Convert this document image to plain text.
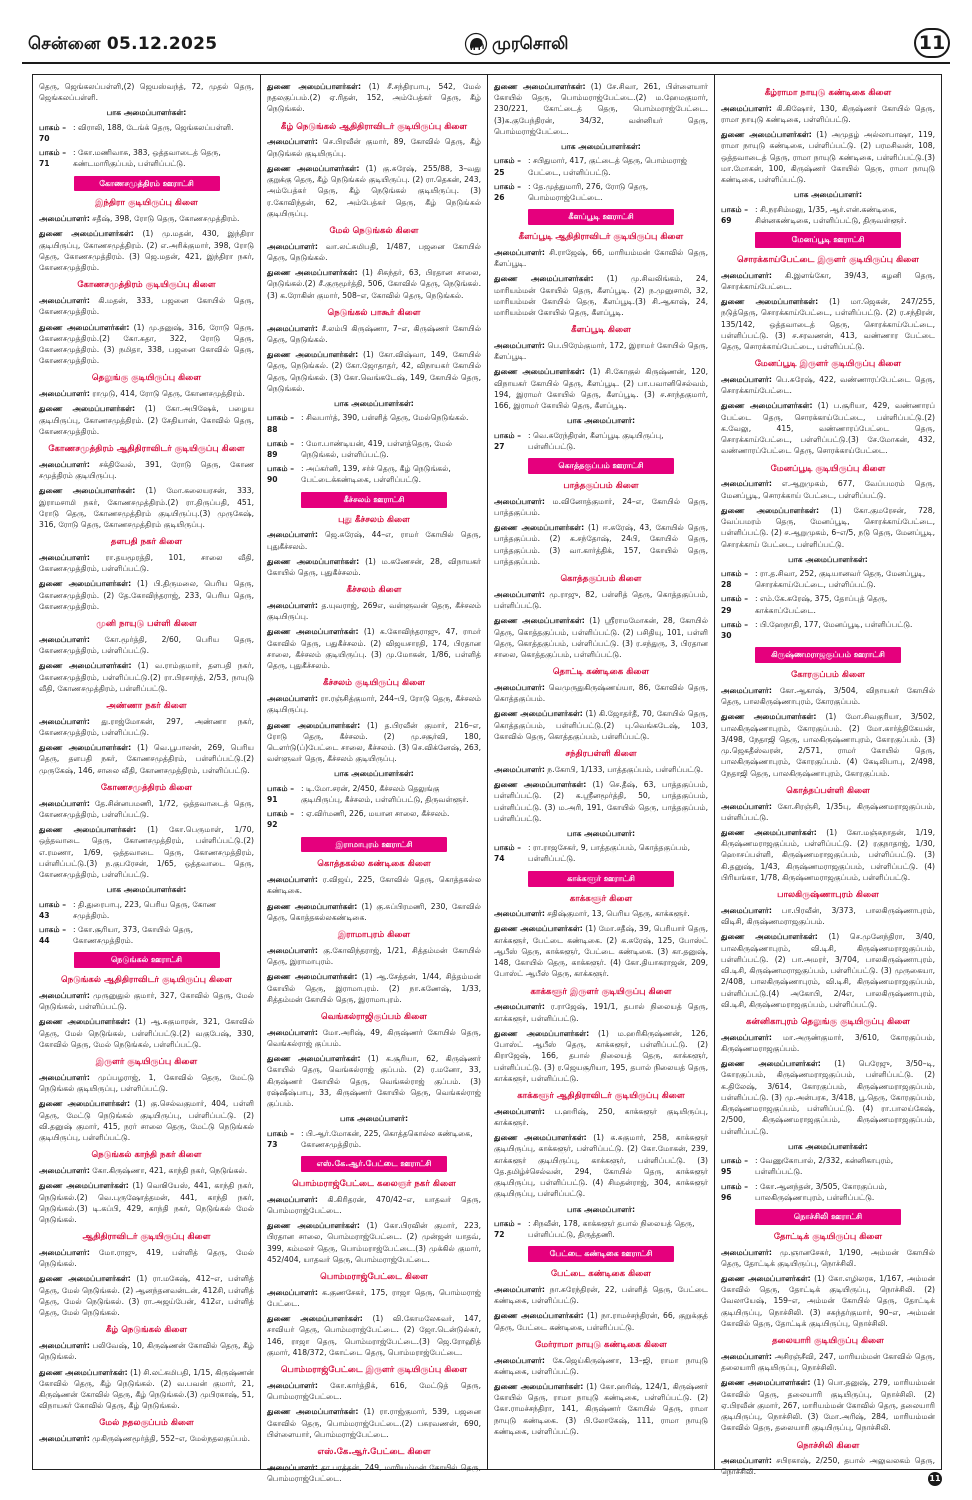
சென்னை 05.12.2025	முரசொலி	11
தெரு, ஜெங்கலப்பள்ளி,(2) ஜெயஸ்வந்த், 72, முதல் தெரு, ஜெங்கலப்பள்ளி.
பாக அமைப்பாளர்கள்:
பாகம் – 70
: விராலி, 188, டேங்க் தெரு, ஜெங்கலப்பள்ளி.
பாகம் – 71
: கோ.மணிவாசு, 383, ஒத்தவாடைத் தெரு, கண்டமாரிகுப்பம், பள்ளிப்பட்டு.
கோணசமுத்திரம் ஊராட்சி
இந்திரா குடியிருப்பு கிளை
அமைப்பாளர்: சதீஷ், 398, ரோடு தெரு, கோணசமுத்திரம்.
துணை அமைப்பாளர்கள்: (1) மு.மதன், 430, இந்திரா குடியிருப்பு, கோணசமுத்திரம். (2) எ.அரிக்குமார், 398, ரோடு தெரு, கோணசமுத்திரம். (3) ஜெ.மதன், 421, இந்திரா நகர், கோணசமுத்திரம்.
கோணசமுத்திரம் குடியிருப்பு கிளை
அமைப்பாளர்: கி.மதன், 333, பஜனை கோயில் தெரு, கோணசமுத்திரம்.
துணை அமைப்பாளர்கள்: (1) மு.தனுஷ், 316, ரோடு தெரு, கோணசமுத்திரம்.(2) கோ.சுதா, 322, ரோடு தெரு, கோணசமுத்திரம். (3) நமிதா, 338, பஜனை கோவில் தெரு, கோணசமுத்திரம்.
தெலுங்கு குடியிருப்பு கிளை
அமைப்பாளர்: ராமுடு, 414, ரோடு தெரு, கோணசமுத்திரம்.
துணை அமைப்பாளர்கள்: (1) கோ.அபிஷேக், பழைய குடியிருப்பு, கோணசமுத்திரம். (2) சேதியான், கோவில் தெரு, கோணசமுத்திரம்.
கோணசமுத்திரம் ஆதிதிராவிடர் குடியிருப்பு கிளை
அமைப்பாளர்: சக்திவேல், 391, ரோடு தெரு, கோண சமுத்திரம் குடியிருப்பு.
துணை அமைப்பாளர்கள்: (1) மோ.கலையரசன், 333, இராமசாமி நகர், கோணசமுத்திரம்.(2) ரா.திருப்பதி, 451, ரோடு தெரு, கோணசமுத்திரம் குடியிருப்பு.(3) முருகேஷ், 316, ரோடு தெரு, கோணசமுத்திரம் குடியிருப்பு.
தளபதி நகர் கிளை
அமைப்பாளர்: ரா.தயமூரத்தி, 101, சாலை வீதி, கோணசமுத்திரம், பள்ளிப்பட்டு.
துணை அமைப்பாளர்கள்: (1) பி.திருமலை, பெரிய தெரு, கோணசமுத்திரம். (2) தே.கோவிந்தராஜ், 233, பெரிய தெரு, கோணசமுத்திரம்.
முனி நாயுடு பள்ளி கிளை
அமைப்பாளர்: கோ.மூர்த்தி, 2/60, பெரிய தெரு, கோணசமுத்திரம், பள்ளிப்பட்டு.
துணை அமைப்பாளர்கள்: (1) வ.ராம்குமார், தளபதி நகர், கோணசமுத்திரம், பள்ளிப்பட்டு.(2) ரா.பிரசாந்த், 2/53, நாயுடு வீதி, கோணசமுத்திரம், பள்ளிப்பட்டு.
அண்ணா நகர் கிளை
அமைப்பாளர்: து.ராஜ்மோகன், 297, அண்ணா நகர், கோணசமுத்திரம், பள்ளிப்பட்டு.
துணை அமைப்பாளர்கள்: (1) வெ.பூபாலன், 269, பெரிய தெரு, தளபதி நகர், கோணசமுத்திரம், பள்ளிப்பட்டு.(2) முருகேஷ், 146, சாலை வீதி, கோணசமுத்திரம், பள்ளிப்பட்டு.
கோணசமுத்திரம் கிளை
அமைப்பாளர்: தே.சின்னபமணி, 1/72, ஒத்தவாடைத் தெரு, கோணசமுத்திரம், பள்ளிப்பட்டு.
துணை அமைப்பாளர்கள்: (1) கோ.பெருமாள், 1/70, ஒத்தவாடை தெரு, கோணசமுத்திரம், பள்ளிப்பட்டு.(2) எ.ரமணா, 1/69, ஒத்தவாடை தெரு, கோணசமுத்திரம், பள்ளிப்பட்டு.(3) ந.குபரேசன், 1/65, ஒத்தவாடை தெரு, கோணசமுத்திரம், பள்ளிப்பட்டு.
பாக அமைப்பாளர்கள்:
பாகம் – 43
: தி.துரைபாபு, 223, பெரிய தெரு, கோண சமுத்திரம்.
பாகம் – 44
: கோ.சூரியா, 373, கோயில் தெரு, கோணசமுத்திரம்.
நெடுங்கல் ஊராட்சி
நெடுங்கல் ஆதிதிராவிடர் குடியிருப்பு கிளை
அமைப்பாளர்: முருனுதுல் குமார், 327, கோவில் தெரு, மேல் நெடுங்கல், பள்ளிப்பட்டு.
துணை அமைப்பாளர்கள்: (1) ஆ.சுகுமாரன், 321, கோவில் தெரு, மேல் நெடுங்கல், பள்ளிப்பட்டு.(2) வகுபேஷ், 330, கோவில் தெரு, மேல் நெடுங்கல், பள்ளிப்பட்டு.
இருளர் குடியிருப்பு கிளை
அமைப்பாளர்: முப்பழராஜ், 1, கோவில் தெரு, மேட்டு நெடுங்கல் குடியிருப்பு, பள்ளிப்பட்டு.
துணை அமைப்பாளர்கள்: (1) கு.செல்வகுமார், 404, பள்ளி தெரு, மேட்டு நெடுங்கல் குடியிருப்பு, பள்ளிப்பட்டு. (2) வி.தனுஷ் குமார், 415, நரர் சாலை தெரு, மேட்டு நெடுங்கல் குடியிருப்பு, பள்ளிப்பட்டு.
நெடுங்கல் காந்தி நகர் கிளை
அமைப்பாளர்: கோ.கிருஷ்ணா, 421, காந்தி நகர், நெடுங்கல்.
துணை அமைப்பாளர்கள்: (1) வெஙியேஸ், 441, காந்தி நகர், நெடுங்கல்.(2) வெ.புருஷோத்தமன், 441, காந்தி நகர், நெடுங்கல்.(3) டி.கப்பி, 429, காந்தி நகர், நெடுங்கல் மேல் நெடுங்கல்.
ஆதிதிராவிடர் குடியிருப்பு கிளை
அமைப்பாளர்: மோ.ராஜு, 419, பள்ளித் தெரு, மேல் நெடுங்கல்.
துணை அமைப்பாளர்கள்: (1) ரா.மகேஷ், 412–எ, பள்ளித் தெரு, மேல் நெடுங்கல். (2) ஆனந்தனவன்டன், 412சி, பள்ளித் தெரு, மேல் நெடுங்கல். (3) ரா.அஜய்பேன், 412எ, பள்ளித் தெரு, மேல் நெடுங்கல்.
கீழ் நெடுங்கல் கிளை
அமைப்பாளர்: பலிவேஷ், 10, கிருஷ்ணன் கோவில் தெரு, கீழ் நெடுங்கல்.
துணை அமைப்பாளர்கள்: (1) சி.லட்சுமிபதி, 1/15, கிருஷ்ணன் கோவில் தெரு, கீழ் நெடுங்கல். (2) வ.பவன் குமார், 21, கிருஷ்ணன் கோவில் தெரு, கீழ் நெடுங்கல்.(3) முபிரகாஷ், 51, விநாயகர் கோவில் தெரு, கீழ் நெடுங்கல்.
மேல் நதலகுப்பம் கிளை
அமைப்பாளர்: முகிருஷ்ணமூர்த்தி, 552–எ, மேல்நதலகுப்பம்.
துணை அமைப்பாளர்கள்: (1) சீ.சந்திரபாபு, 542, மேல் நதலகுப்பம்.(2) ஏ.ரிதன், 152, அம்பேத்கர் தெரு, கீழ் நெடுங்கல்.
கீழ் நெடுங்கல் ஆதிதிராவிடர் குடியிருப்பு கிளை
அமைப்பாளர்: செ.பிரவீன் குமார், 89, கோவில் தெரு, கீழ் நெடுங்கல் குடியிருப்பு.
துணை அமைப்பாளர்கள்: (1) கு.சுரேஷ், 255/88, 3–வது குறுக்கு தெரு, கீழ் நெடுங்கல் குடியிருப்பு. (2) ரா.தெகன், 243, அம்பேத்கர் தெரு, கீழ் நெடுங்கல் குடியிருப்பு. (3) ர.கோவிந்தன், 62, அம்பேத்கர் தெரு, கீழ் நெடுங்கல் குடியிருப்பு.
மேல் நெடுங்கல் கிளை
அமைப்பாளர்: வா.லட்சுமிபதி, 1/487, பஜனை கோயில் தெரு, நெடுங்கல்.
துணை அமைப்பாளர்கள்: (1) சிசுந்தர், 63, பிரதான சாலை, நெடுங்கல்.(2) சீ.குருமூர்த்தி, 506, கோவில் தெரு, நெடுங்கல். (3) க.ரோகின் குமார், 508–எ, கோவில் தெரு, நெடுங்கல்.
நெடுங்கல் பாகூர் கிளை
அமைப்பாளர்: சீ.லம்பி கிருஷ்ணா, 7–எ, கிருஷ்ணர் கோயில் தெரு, நெடுங்கல்.
துணை அமைப்பாளர்கள்: (1) கோ.விஷ்வா, 149, கோயில் தெரு, நெடுங்கல். (2) கோ.ஜோதாதர், 42, விநாயகர் கோயில் தெரு, நெடுங்கல். (3) கோ.வெங்கடேஷ், 149, கோயில் தெரு, நெடுங்கல்.
பாக அமைப்பாளர்கள்:
பாகம் – 88
: சிவபார்த், 390, பள்ளித் தெரு, மேல்நெடுங்கல்.
பாகம் – 89
: மோ.பாண்டியன், 419, பள்ளத்தெரு, மேல் நெடுங்கல், பள்ளிப்பட்டு.
பாகம் – 90
: அப்கர்னி, 139, சர்ச் தெரு, கீழ் நெடுங்கல், பேட்டைக்கண்டிகை, பள்ளிப்பட்டு.
கீச்சலம் ஊராட்சி
புது கீச்சலம் கிளை
அமைப்பாளர்: ஜெ.சுரேஷ், 44–எ, ராமர் கோயில் தெரு, புதுகீச்சலம்.
துணை அமைப்பாளர்கள்: (1) ம.கணேசன், 28, விநாயகர் கோயில் தெரு, புதுகீச்சலம்.
கீச்சலம் கிளை
அமைப்பாளர்: த.யுவராஜ், 269எ, வள்ளுவன் தெரு, கீச்சலம் குடியிருப்பு.
துணை அமைப்பாளர்கள்: (1) க.கோவிந்தராஜு, 47, ராமர் கோவில் தெரு, பதுகீச்சலம். (2) விஜயசாரதி, 174, பிரதான சாலை, கீச்சலம் குடியிருப்பு. (3) மு.மோகன், 1/86, பள்ளித் தெரு, புதுகீச்சலம்.
கீச்சலம் குடியிருப்பு கிளை
அமைப்பாளர்: ரா.ரஞ்சித்குமார், 244–பி, ரோடு தெரு, கீச்சலம் குடியிருப்பு.
துணை அமைப்பாளர்கள்: (1) த.பிரவீன் குமார், 216–எ, ரோடு தெரு, கீச்சலம். (2) மு.சசூர்வி, 180, டௌர்டு(ப்)பேட்டை சாலை, கீச்சலம். (3) செ.விக்னேஷ், 263, வள்ளுவர் தெரு, கீச்சலம் குடியிருப்பு.
பாக அமைப்பாளர்கள்:
பாகம் – 91
: டி.மோ.சரன், 2/450, கீச்சலம் தெலுங்கு குடியிருப்பு, கீச்சலம், பள்ளிப்பட்டு, திருவள்ளூர்.
பாகம் – 92
: ஏ.விர்மணி, 226, மயான சாலை, கீச்சலம்.
இராமாபுரம் ஊராட்சி
கொத்தகல்ல கண்டிகை கிளை
அமைப்பாளர்: ர.விஜய், 225, கோவில் தெரு, கொத்தகல்ல கண்டிகை.
துணை அமைப்பாளர்கள்: (1) கு.சுப்பிரமணி, 230, கோவில் தெரு, கொத்தகல்லகண்டிகை.
இராமாபுரம் கிளை
அமைப்பாளர்: கு.கோவிந்தராஜ், 1/21, சித்தம்மன் கோயில் தெரு, இராமாபுரம்.
துணை அமைப்பாளர்கள்: (1) ஆ.சேத்தன், 1/44, சித்தம்மன் கோயில் தெரு, இராமாபுரம். (2) நா.கணேஷ், 1/33, சித்தம்மன் கோயில் தெரு, இராமாபுரம்.
வெங்கல்ராஜிகுப்பம் கிளை
அமைப்பாளர்: மோ.அரிஷ், 49, கிருஷ்ணர் கோயில் தெரு, வெங்கல்ராஜ் குப்பம்.
துணை அமைப்பாளர்கள்: (1) க.சூரியா, 62, கிருஷ்ணர் கோயில் தெரு, வெங்கல்ராஜ் குப்பம். (2) ர.மனோ, 33, கிருஷ்ணர் கோயில் தெரு, வெங்கல்ராஜ் குப்பம். (3) ரஷ்ஷீஷ்பாபு, 33, கிருஷ்ணர் கோயில் தெரு, வெங்கல்ராஜ் குப்பம்.
பாக அமைப்பாளர்:
பாகம் – 73
: பி.ஆர்.மோகன், 225, கொத்தகொல்ல கண்டிகை, கோணசமுத்திரம்.
எஸ்.கே.ஆர்.பேட்டை ஊராட்சி
பொம்மராஜ்பேட்டை கலைஞர் நகர் கிளை
அமைப்பாளர்: கி.கிரிதரன், 470/42–எ, யாதவர் தெரு, பொம்மராஜ்பேட்டை.
துணை அமைப்பாளர்கள்: (1) கோ.பிரவின் குமார், 223, பிரதான சாலை, பொம்மராஜ்பேட்டை. (2) முன்ஜன் யாதவ், 399, கம்மலர் தெரு, பொம்மராஜ்பேட்டை.(3) முக்கில் குமார், 452/404, யாதவர் தெரு, பொம்மராஜ்பேட்டை.
பொம்மராஜ்பேட்டை கிளை
அமைப்பாளர்: க.குணசேகர், 175, ராஜா தெரு, பொம்மராஜ் பேட்டை.
துணை அமைப்பாளர்கள்: (1) வி.கோமலேசுவர், 147, சாவியர் தெரு, பொம்மராஜ்பேட்டை. (2) ஜோ.டென்டுல்கர், 146, ராஜா தெரு, பொம்மராஜ்பேட்டை.(3) ஜெ.ரோஹித் குமார், 418/372, கோட்டை தெரு, பொம்மராஜ்பேட்டை.
பொம்மராஜ்பேட்டை இருளர் குடியிருப்பு கிளை
அமைப்பாளர்: கோ.கார்த்திக், 616, மேட்டுத் தெரு, பொம்மராஜ்பேட்டை.
துணை அமைப்பாளர்கள்: (1) ரா.ராஜ்குமார், 539, பஜனை கோவில் தெரு, பொம்மராஜ்பேட்டை.(2) பசுரவணன், 690, பிள்ளையார், பொம்மராஜ்பேட்டை.
எஸ்.கே.ஆர்.பேட்டை கிளை
அமைப்பாளர்: தா.பரத்தன், 249, மாரியம்மன் கோயில் தெரு, பொம்மராஜ்பேட்டை.
துணை அமைப்பாளர்கள்: (1) சே.சிவா, 261, பிள்ளையார் கோயில் தெரு, பொம்மராஜ்பேட்டை.(2) ம.ஹேமகுமார், 230/221, கோட்டைத் தெரு, பொம்மராஜ்பேட்டை. (3)க.குபேந்திரன், 34/32, வன்னியர் தெரு, பொம்மராஜ்பேட்டை.
பாக அமைப்பாளர்கள்:
பாகம் – 25
: சபிதுமார், 417, குட்டைத் தெரு, பொம்மராஜ் பேட்டை, பள்ளிப்பட்டு.
பாகம் – 26
: தே.முத்துமாரி, 276, ரோடு தெரு, பொம்மராஜ்பேட்டை.
கீளப்பூடி ஊராட்சி
கீளப்பூடி ஆதிதிராவிடர் குடியிருப்பு கிளை
அமைப்பாளர்: சி.ராஜேஷ், 66, மாரியம்மன் கோவில் தெரு, கீளப்பூடி.
துணை அமைப்பாளர்கள்: (1) மு.சிவலிங்கம், 24, மாரியம்மன் கோயில் தெரு, கீளப்பூடி. (2) ந.முனுசாமி, 32, மாரியம்மன் கோயில் தெரு, கீளப்பூடி.(3) சி.ஆகாஷ், 24, மாரியம்மன் கோயில் தெரு, கீளப்பூடி.
கீளப்பூடி கிளை
அமைப்பாளர்: பெ.பிரேம்குமார், 172, இராமர் கோயில் தெரு, கீளப்பூடி.
துணை அமைப்பாளர்கள்: (1) சி.கோகுல் கிருஷ்ணன், 120, விநாயகர் கோயில் தெரு, கீளப்பூடி. (2) பா.பவானிசெல்வம், 194, இராமர் கோயில் தெரு, கீளப்பூடி. (3) ச.சாந்தகுமார், 166, இராமர் கோயில் தெரு, கீளப்பூடி.
பாக அமைப்பாளர்:
பாகம் – 27
: வெ.சுரேந்திரன், கீளப்பூடி குடியிருப்பு, பள்ளிப்பட்டு.
கொத்தகுப்பம் ஊராட்சி
பாத்தகுப்பம் கிளை
அமைப்பாளர்: ம.வினோத்குமார், 24–எ, கோயில் தெரு, பாத்தகுப்பம்.
துணை அமைப்பாளர்கள்: (1) ஈ.சுரேஷ், 43, கோயில் தெரு, பாத்தகுப்பம். (2) க.சந்தோஷ், 24பி, கோயில் தெரு, பாத்தகுப்பம். (3) வா.கார்த்திக், 157, கோயில் தெரு, பாத்தகுப்பம்.
கொத்தகுப்பம் கிளை
அமைப்பாளர்: மு.ராஜு, 82, பள்ளித் தெரு, கொத்தகுப்பம், பள்ளிப்பட்டு.
துணை அமைப்பாளர்கள்: (1) ஸ்ரீராமமோகன், 28, கோயில் தெரு, கொத்தகுப்பம், பள்ளிப்பட்டு. (2) பசிதியு, 101, பள்ளி தெரு, கொத்தகுப்பம், பள்ளிப்பட்டு. (3) ர.சந்துரு, 3, பிரதான சாலை, கொத்தகுப்பம், பள்ளிப்பட்டு.
தொட்டி கண்டிகை கிளை
அமைப்பாளர்: வெமுருதுகிருஷ்ணய்யா, 86, கோவில் தெரு, கொத்தகுப்பம்.
துணை அமைப்பாளர்கள்: (1) கி.ஜோதர்தீ, 70, கோயில் தெரு, கொத்தகுப்பம், பள்ளிப்பட்டு.(2) பு.வெங்கடேஷ், 103, கோவில் தெரு, கொத்தகுப்பம், பள்ளிப்பட்டு.
சந்திரபள்ளி கிளை
அமைப்பாளர்: ந.கோபி, 1/133, பாத்தகுப்பம், பள்ளிப்பட்டு.
துணை அமைப்பாளர்கள்: (1) செ.தீஷ், 63, பாத்தகுப்பம், பள்ளிப்பட்டு. (2) க.ஸ்ரீனமூர்த்தி, 50, பாத்தகுப்பம், பள்ளிப்பட்டு. (3) ம.அரி, 191, கோயில் தெரு, பாத்தகுப்பம், பள்ளிப்பட்டு.
பாக அமைப்பாளர்:
பாகம் – 74
: ரா.ராஜசேகர், 9, பாத்தகுப்பம், கொத்தகுப்பம், பள்ளிப்பட்டு.
காக்களூர் ஊராட்சி
காக்களூர் கிளை
அமைப்பாளர்: சதிஷ்குமார், 13, பெரிய தெரு, காக்களூர்.
துணை அமைப்பாளர்கள்: (1) மோ.சதீஷ், 39, பெரியார் தெரு, காக்களூர், பேட்டை கண்டிகை. (2) க.சுரேஷ், 125, போஸ்ட் ஆபீஸ் தெரு, காக்களூர், பேட்டை கண்டிகை. (3) கா.தனுஷ், 148, கோயில் தெரு, காக்களூர். (4) கோ.தியாகராஜன், 209, போஸ்ட் ஆபீஸ் தெரு, காக்களூர்.
காக்களூர் இருளர் குடியிருப்பு கிளை
அமைப்பாளர்: ர.ராஜேஷ், 191/1, தபால் நிலையத் தெரு, காக்களூர், பள்ளிப்பட்டு.
துணை அமைப்பாளர்கள்: (1) ம.ஹரிகிருஷ்ணன், 126, போஸ்ட் ஆபீஸ் தெரு, காக்களூர், பள்ளிப்பட்டு. (2) கிராஜேஷ், 166, தபால் நிலையத் தெரு, காக்களூர், பள்ளிப்பட்டு. (3) ர.ஜெயசூரியா, 195, தபால் நிலையத் தெரு, காக்களூர், பள்ளிப்பட்டு.
காக்களூர் ஆதிதிராவிடர் குடியிருப்பு கிளை
அமைப்பாளர்: ப.ஹரிஷ், 250, காக்களூர் குடியிருப்பு, காக்களூர்.
துணை அமைப்பாளர்கள்: (1) க.சுகுமார், 258, காக்களூர் குடியிருப்பு, காக்களூர், பள்ளிப்பட்டு. (2) கோ.மோகன், 239, காக்களூர் குடியிருப்பு, காக்களூர், பள்ளிப்பட்டு. (3) தே.தமிழ்ச்செல்வன், 294, கோயில் தெரு, காக்களூர் குடியிருப்பு, பள்ளிப்பட்டு. (4) சிமதன்ராஜ், 304, காக்களூர் குடியிருப்பு, பள்ளிப்பட்டு.
பாக அமைப்பாளர்:
பாகம் – 72
: சிநவீன், 178, காக்களூர் தபால் நிலையத் தெரு, பள்ளிப்பட்டு, திருத்தணி.
பேட்டை கண்டிகை ஊராட்சி
பேட்டை கண்டிகை கிளை
அமைப்பாளர்: நா.சுரேந்திரன், 22, பள்ளித் தெரு, பேட்டை கண்டிகை, பள்ளிப்பட்டு.
துணை அமைப்பாளர்கள்: (1) நா.ராமச்சந்திரன், 66, குறுக்குத் தெரு, பேட்டை கண்டிகை, பள்ளிப்பட்டு.
மேர்ராமா நாயுடு கண்டிகை கிளை
அமைப்பாளர்: கே.ஜெய்கிருஷ்ணா, 13–ஜி, ராமா நாயுடு கண்டிகை, பள்ளிப்பட்டு.
துணை அமைப்பாளர்கள்: (1) கோ.ஹரிஷ், 124/1, கிருஷ்ணர் கோயில் தெரு, ராமா நாயுடு கண்டிகை, பள்ளிப்பட்டு. (2) கோ.ராமச்சந்திரா, 141, கிருஷ்ணர் கோயில் தெரு, ராமா நாயுடு கண்டிகை. (3) பி.லோகேஷ், 111, ராமா நாயுடு கண்டிகை, பள்ளிப்பட்டு.
கீழ்ராமா நாயுடு கண்டிகை கிளை
அமைப்பாளர்: கி.கிஷோர், 130, கிருஷ்ணர் கோயில் தெரு, ராமா நாயுடு கண்டிகை, பள்ளிப்பட்டு.
துணை அமைப்பாளர்கள்: (1) அமுதழ் அல்லாபாஷா, 119, ராமா நாயுடு கண்டிகை, பள்ளிப்பட்டு. (2) பரமசிவன், 108, ஒத்தவாடைத் தெரு, ராமா நாயுடு கண்டிகை, பள்ளிப்பட்டு.(3) மா.மோகன், 100, கிருஷ்ணர் கோயில் தெரு, ராமா நாயுடு கண்டிகை, பள்ளிப்பட்டு.
பாக அமைப்பாளர்:
பாகம் – 69
: சி.நரசிம்மலு, 1/35, ஆர்.என்.கண்டிகை, சின்னகண்டிகை, பள்ளிப்பட்டு, திருவள்ளூர்.
மேனப்பூடி ஊராட்சி
சொரக்காய்பேட்டை இருளர் குடியிருப்பு கிளை
அமைப்பாளர்: கி.இளங்கோ, 39/43, கழனி தெரு, சொரக்காய்பேட்டை.
துணை அமைப்பாளர்கள்: (1) மா.ஜெகன், 247/255, நடுத்தெரு, சொரக்காய்பேட்டை, பள்ளிப்பட்டு. (2) ர.சந்திரன், 135/142, ஒத்தவாடைத் தெரு, சொரக்காய்பேட்டை, பள்ளிப்பட்டு. (3) ச.சரவணன், 413, வண்ணார பேட்டை தெரு, சொரக்காய்பேட்டை, பள்ளிப்பட்டு.
மேனப்பூடி இருளர் குடியிருப்பு கிளை
அமைப்பாளர்: பெ.சுரேஷ், 422, வண்ணாரப்பேட்டை தெரு, சொரக்காய்பேட்டை.
துணை அமைப்பாளர்கள்: (1) ப.சூரியா, 429, வண்ணாரப் பேட்டை தெரு, சொரக்காய்பேட்டை, பள்ளிப்பட்டு.(2) க.வேலு, 415, வண்ணாரப்பேட்டை தெரு, சொரக்காய்பேட்டை, பள்ளிப்பட்டு.(3) சே.மோகன், 432, வண்ணாரப்பேட்டை தெரு, சொரக்காய்பேட்டை.
மேனப்பூடி குடியிருப்பு கிளை
அமைப்பாளர்: எ.ஆறுமுகம், 677, வேப்பமரம் தெரு, மேனப்பூடி, சொரக்காய் பேட்டை, பள்ளிப்பட்டு.
துணை அமைப்பாளர்கள்: (1) கோ.குமரேசன், 728, வேப்பமரம் தெரு, மேனப்பூடி, சொரக்காய்பேட்டை, பள்ளிப்பட்டு. (2) ச.ஆறுமுகம், 6–எ/5, நடு தெரு, மேனப்பூடி, சொரக்காய் பேட்டை, பள்ளிப்பட்டு.
பாக அமைப்பாளர்கள்:
பாகம் – 28
: ரா.த.சிவா, 252, குடியானவர் தெரு, மேனப்பூடி, சொரக்காய்பேட்டை, பள்ளிப்பட்டு.
பாகம் – 29
: எம்.கே.சுரேஷ், 375, தோப்புத் தெரு, காக்காப்பேட்டை.
பாகம் – 30
: பி.ஹேநாதி, 177, மேனப்பூடி, பள்ளிப்பட்டு.
கிருஷ்ணமராஜகுப்பம் ஊராட்சி
கோரகுப்பம் கிளை
அமைப்பாளர்: கோ.ஆகாஷ், 3/504, விநாயகர் கோயில் தெரு, பாலகிருஷ்ணாபுரம், கோரகுப்பம்.
துணை அமைப்பாளர்கள்: (1) மோ.சிவகுரியா, 3/502, பாலகிருஷ்ணாபுரம், கோரகுப்பம். (2) மோ.கார்த்திகேயன், 3/498, நேதாஜி தெரு, பாலகிருஷ்ணாபுரம், கோரகுப்பம். (3) மு.ஜெகதீஸ்வரன், 2/571, ராமர் கோயில் தெரு, பாலகிருஷ்ணாபுரம், கோரகுப்பம். (4) கேடிலிபாபு, 2/498, நேதாஜி தெரு, பாலகிருஷ்ணாபுரம், கோரகுப்பம்.
கொத்தப்பள்ளி கிளை
அமைப்பாளர்: கோ.சிரஞ்சி, 1/35பு, கிருஷ்ணமராஜகுப்பம், பள்ளிப்பட்டு.
துணை அமைப்பாளர்கள்: (1) கோ.மஞ்சுநாதன், 1/19, கிருஷ்ணமராஜகுப்பம், பள்ளிப்பட்டு. (2) ரகுநாதாஜ், 1/30, ஹொசப்பள்ளி, கிருஷ்ணமராஜகுப்பம், பள்ளிப்பட்டு. (3) கி.தனுஷ், 1/43, கிருஷ்ணமராஜகுப்பம், பள்ளிப்பட்டு. (4) பிரியங்கா, 1/78, கிருஷ்ணமராஜகுப்பம், பள்ளிப்பட்டு.
பாலகிருஷ்ணாபுரம் கிளை
அமைப்பாளர்: பா.பிரவீன், 3/373, பாலகிருஷ்ணாபுரம், விடிசி, கிருஷ்ணமராஜகுப்பம்.
துணை அமைப்பாளர்கள்: (1) செ.முனேந்திரா, 3/40, பாலகிருஷ்ணாபுரம், வி.டிசி, கிருஷ்ணமராஜகுப்பம், பள்ளிப்பட்டு. (2) பா.அமரர், 3/704, பாலகிருஷ்ணாபுரம், வி.டிசி, கிருஷ்ணமராஜகுப்பம், பள்ளிப்பட்டு. (3) முருகையா, 2/408, பாலகிருஷ்ணாபுரம், வி.டிசி, கிருஷ்ணமராஜகுப்பம், பள்ளிப்பட்டு.(4) அகோபி, 2/4எ, பாலகிருஷ்ணாபுரம், வி.டிசி, கிருஷ்ணமராஜகுப்பம், பள்ளிப்பட்டு.
கன்னிகாபுரம் தெலுங்கு குடியிருப்பு கிளை
அமைப்பாளர்: மா.அருண்குமார், 3/610, கோரகுப்பம், கிருஷ்ணமராஜகுப்பம்.
துணை அமைப்பாளர்கள்: (1) பெரேஜு, 3/50–டி, கோரகுப்பம், கிருஷ்ணமராஜகுப்பம், பள்ளிப்பட்டு. (2) க.திலேஷ், 3/614, கோரகுப்பம், கிருஷ்ணமராஜகுப்பம், பள்ளிப்பட்டு. (3) மு.அன்பரசு, 3/418, பூ.தெரு, கோரகுப்பம், கிருஷ்ணமராஜகுப்பம், பள்ளிப்பட்டு. (4) ரா.பாலய்கேஷ், 2/500, கிருஷ்ணமராஜகுப்பம், கிருஷ்ணமராஜகுப்பம், பள்ளிப்பட்டு.
பாக அமைப்பாளர்கள்:
பாகம் – 95
: வேணுகோபால், 2/332, கன்னிகாபுரம், பள்ளிப்பட்டு.
பாகம் – 96
: கோ.ஆனந்தன், 3/505, கோரகுப்பம், பாலகிருஷ்ணாபுரம், பள்ளிப்பட்டு.
நொச்சிலி ஊராட்சி
தோட்டிக் குடியிருப்பு கிளை
அமைப்பாளர்: மு.ஞானசேகர், 1/190, அம்மன் கோயில் தெரு, தோட்டிக் குடியிருப்பு, நொச்சிலி.
துணை அமைப்பாளர்கள்: (1) கோ.எழிலரசு, 1/167, அம்மன் கோவில் தெரு, தோட்டிக் குடியிருப்பு, நொச்சிலி. (2) வேலாயேஷ், 159–எ, அம்மன் கோயில் தெரு, தோட்டிக் குடியிருப்பு, நொச்சிலி. (3) சசுந்தர்குமார், 90–எ, அம்மன் கோவில் தெரு, தோட்டிக் குடியிருப்பு, நொச்சிலி.
தலையாரி குடியிருப்பு கிளை
அமைப்பாளர்: அசிரஞ்சீவி, 247, மாரியம்மன் கோவில் தெரு, தலையாரி குடியிருப்பு, நொச்சிலி.
துணை அமைப்பாளர்கள்: (1) பொ.தனுஷ், 279, மாரியம்மன் கோவில் தெரு, தலையாரி குடியிருப்பு, நொச்சிலி. (2) ஏ.பிரவீன் குமார், 267, மாரியம்மன் கோவில் தெரு, தலையாரி குடியிருப்பு, நொச்சிலி. (3) மோ.அரிஷ், 284, மாரியம்மன் கோவில் தெரு, தலையாரி குடியிருப்பு, நொச்சிலி.
நொச்சிலி கிளை
அமைப்பாளர்: சபிரகாஷ், 2/250, தபால் அலுவலகம் தெரு, நொச்சிலி.
11
